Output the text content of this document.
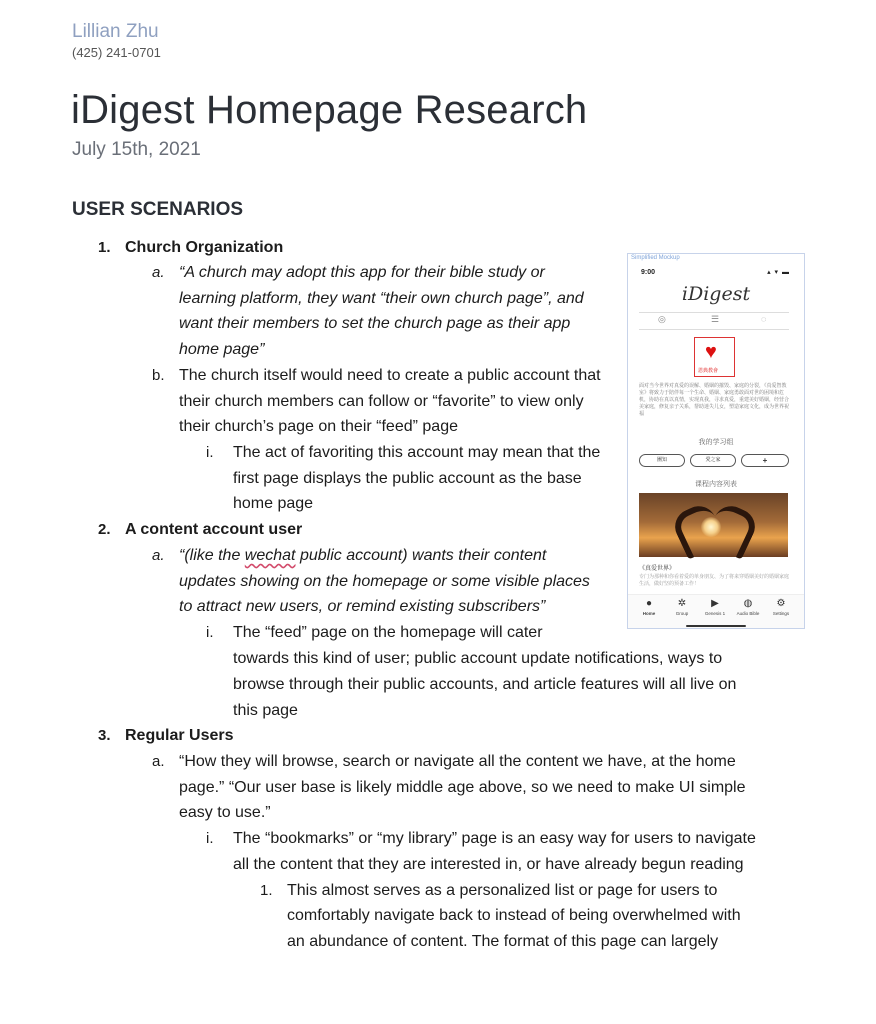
Lillian Zhu
(425) 241-0701
iDigest Homepage Research
July 15th, 2021
USER SCENARIOS
1. Church Organization
a. “A church may adopt this app for their bible study or
learning platform, they want “their own church page”, and
want their members to set the church page as their app
home page”
b. The church itself would need to create a public account that
their church members can follow or “favorite” to view only
their church’s page on their “feed” page
i. The act of favoriting this account may mean that the
first page displays the public account as the base
home page
2. A content account user
a. “(like the wechat public account) wants their content
updates showing on the homepage or some visible places
to attract new users, or remind existing subscribers”
i. The “feed” page on the homepage will cater
towards this kind of user; public account update notifications, ways to
browse through their public accounts, and article features will all live on
this page
3. Regular Users
a. “How they will browse, search or navigate all the content we have, at the home
page.” “Our user base is likely middle age above, so we need to make UI simple
easy to use.”
i. The “bookmarks” or “my library” page is an easy way for users to navigate
all the content that they are interested in, or have already begun reading
1. This almost serves as a personalized list or page for users to
comfortably navigate back to instead of being overwhelmed with
an abundance of content. The format of this page can largely
Simplified Mockup
9:00	▴ ▾ ▬
iDigest
◎	☰	◌
♥
恩典教會
面对当今世界对真爱的误解、婚姻的摧毁、家庭的分裂，《真爱智教室》将致力于陪伴每一个生命、婚姻、家庭勇敢面对世的困境和危机，协助在真以真情，实现真我，寻求真爱，重建美好婚姻，经营合美家庭，修复亲子关系，帮助迷失儿女，塑造家庭文化，成为世界祝福
我的学习组
團知	愛之家	+
课程内容列表
《真爱世界》
专门为那种和你看着爱的单身朋友、为了将来穿婚姻美好的婚姻家庭生活，做好坚的预备工作！
●
Home
✲
Group
▶
Genesis 1
◍
Audio Bible
⚙
Settings
